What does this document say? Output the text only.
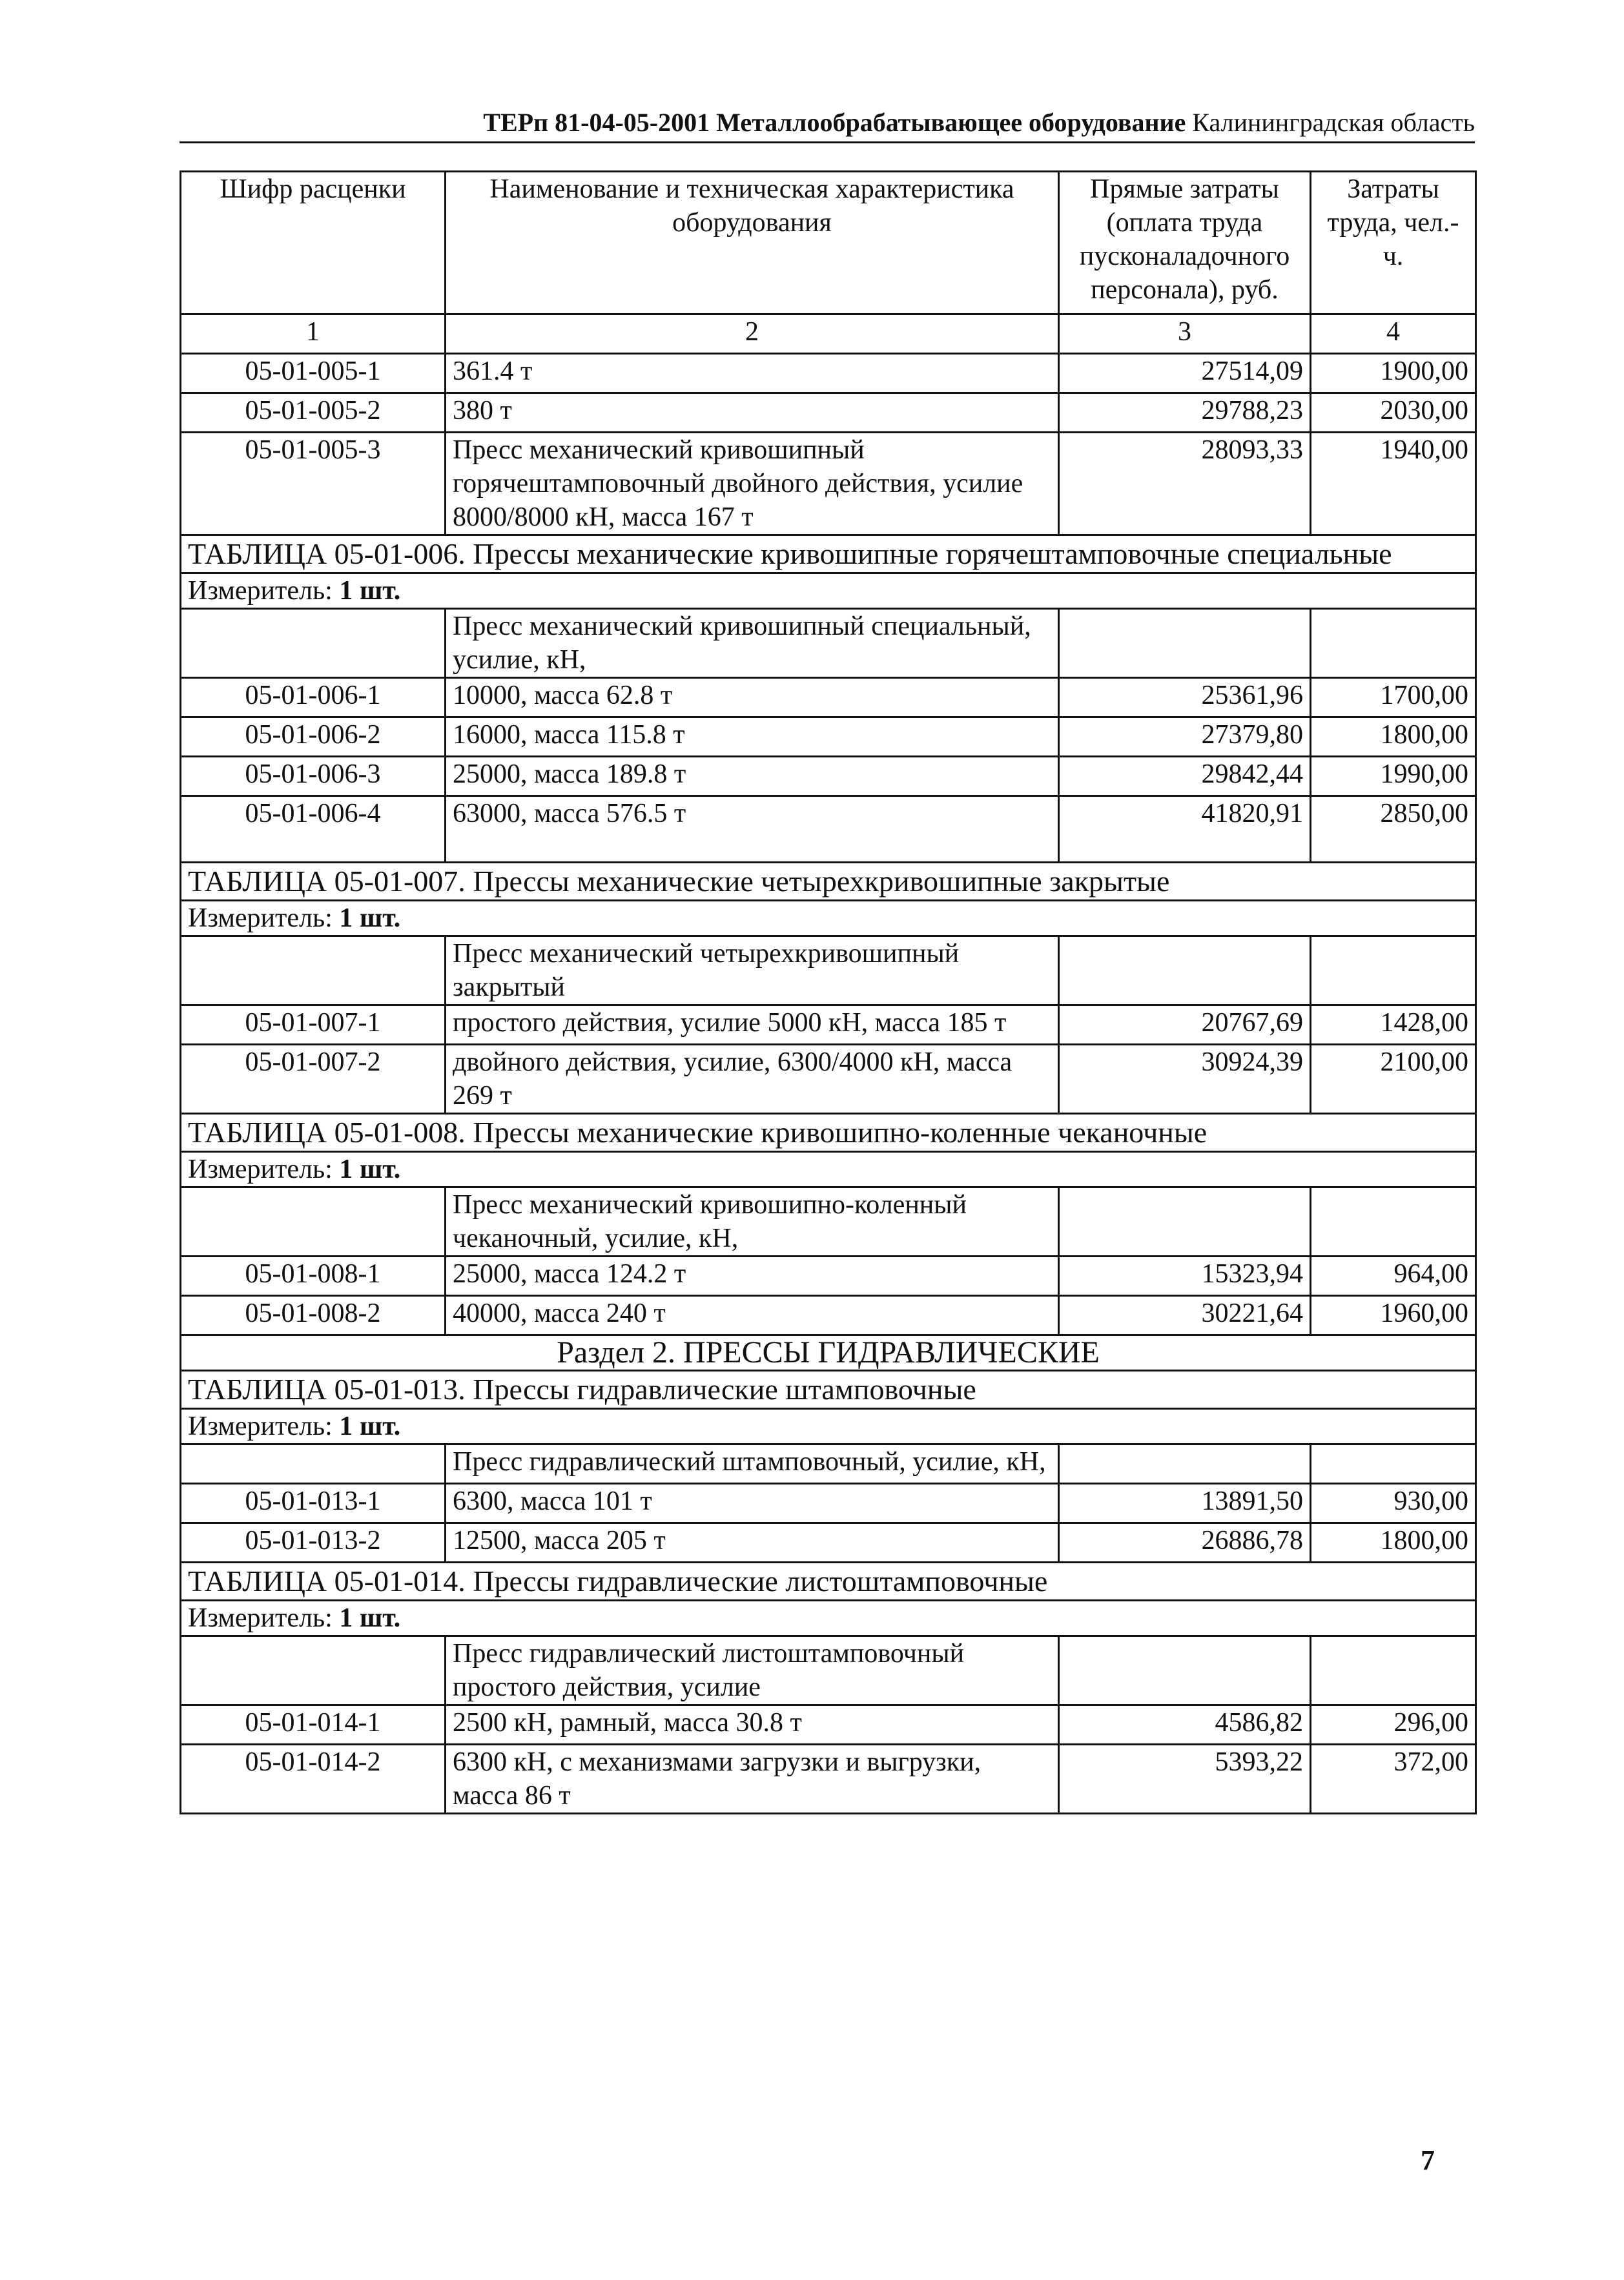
ТЕРп 81-04-05-2001 Металлообрабатывающее оборудование Калининградская область
Шифр расценки	Наименование и техническая характеристика оборудования	Прямые затраты (оплата труда пусконаладочного персонала), руб.	Затраты труда, чел.-ч.
1	2	3	4
05-01-005-1	361.4 т	27514,09	1900,00
05-01-005-2	380 т	29788,23	2030,00
05-01-005-3	Пресс механический кривошипный горячештамповочный двойного действия, усилие 8000/8000 кН, масса 167 т	28093,33	1940,00
ТАБЛИЦА 05-01-006. Прессы механические кривошипные горячештамповочные специальные			
Измеритель: 1 шт.			
	Пресс механический кривошипный специальный, усилие, кН,		
05-01-006-1	10000, масса 62.8 т	25361,96	1700,00
05-01-006-2	16000, масса 115.8 т	27379,80	1800,00
05-01-006-3	25000, масса 189.8 т	29842,44	1990,00
05-01-006-4	63000, масса 576.5 т	41820,91	2850,00
ТАБЛИЦА 05-01-007. Прессы механические четырехкривошипные закрытые			
Измеритель: 1 шт.			
	Пресс механический четырехкривошипный закрытый		
05-01-007-1	простого действия, усилие 5000 кН, масса 185 т	20767,69	1428,00
05-01-007-2	двойного действия, усилие, 6300/4000 кН, масса 269 т	30924,39	2100,00
ТАБЛИЦА 05-01-008. Прессы механические кривошипно-коленные чеканочные			
Измеритель: 1 шт.			
	Пресс механический кривошипно-коленный чеканочный, усилие, кН,		
05-01-008-1	25000, масса 124.2 т	15323,94	964,00
05-01-008-2	40000, масса 240 т	30221,64	1960,00
Раздел 2. ПРЕССЫ ГИДРАВЛИЧЕСКИЕ			
ТАБЛИЦА 05-01-013. Прессы гидравлические штамповочные			
Измеритель: 1 шт.			
	Пресс гидравлический штамповочный, усилие, кН,		
05-01-013-1	6300, масса 101 т	13891,50	930,00
05-01-013-2	12500, масса 205 т	26886,78	1800,00
ТАБЛИЦА 05-01-014. Прессы гидравлические листоштамповочные			
Измеритель: 1 шт.			
	Пресс гидравлический листоштамповочный простого действия, усилие		
05-01-014-1	2500 кН, рамный, масса 30.8 т	4586,82	296,00
05-01-014-2	6300 кН, с механизмами загрузки и выгрузки, масса 86 т	5393,22	372,00
7
